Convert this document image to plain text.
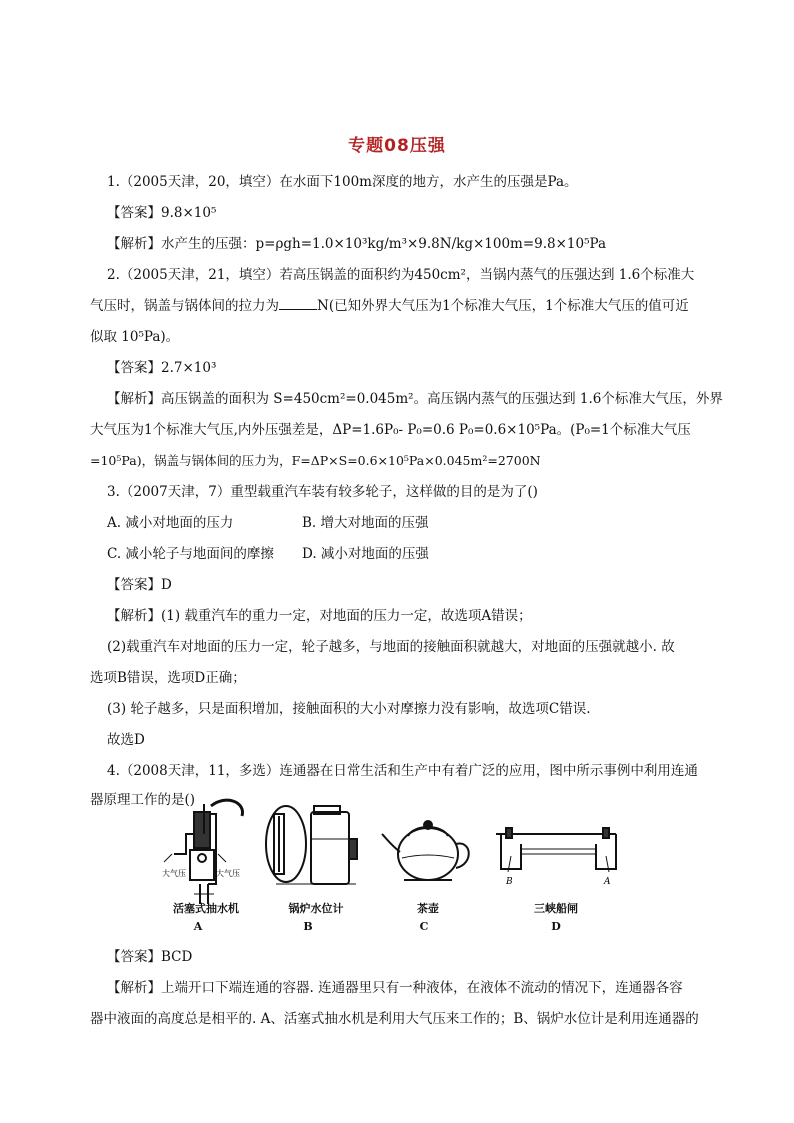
专题08压强
1.（2005天津，20，填空）在水面下100m深度的地方，水产生的压强是Pa。
【答案】9.8×10⁵
【解析】水产生的压强：p=ρgh=1.0×10³kg/m³×9.8N/kg×100m=9.8×10⁵Pa
2.（2005天津，21，填空）若高压锅盖的面积约为450cm²，当锅内蒸气的压强达到 1.6个标准大
气压时，锅盖与锅体间的拉力为	N(已知外界大气压为1个标准大气压，1个标准大气压的值可近
似取 10⁵Pa)。
【答案】2.7×10³
【解析】高压锅盖的面积为 S=450cm²=0.045m²。高压锅内蒸气的压强达到 1.6个标准大气压，外界
大气压为1个标准大气压,内外压强差是，ΔP=1.6P₀- P₀=0.6 P₀=0.6×10⁵Pa。(P₀=1个标准大气压
=10⁵Pa)，锅盖与锅体间的压力为，F=ΔP×S=0.6×10⁵Pa×0.045m²=2700N
3.（2007天津，7）重型载重汽车装有较多轮子，这样做的目的是为了()
A. 减小对地面的压力	B. 增大对地面的压强
C. 减小轮子与地面间的摩擦 D. 减小对地面的压强
【答案】D
【解析】(1) 载重汽车的重力一定，对地面的压力一定，故选项A错误；
(2)载重汽车对地面的压力一定，轮子越多，与地面的接触面积就越大，对地面的压强就越小. 故
选项B错误，选项D正确；
(3) 轮子越多，只是面积增加，接触面积的大小对摩擦力没有影响，故选项C错误.
故选D
4.（2008天津，11，多选）连通器在日常生活和生产中有着广泛的应用，图中所示事例中利用连通
器原理工作的是()
大气压	大气压
B	A
活塞式抽水机	锅炉水位计	茶壶	三峡船闸
A	B	C	D
【答案】BCD
【解析】上端开口下端连通的容器. 连通器里只有一种液体，在液体不流动的情况下，连通器各容
器中液面的高度总是相平的. A、活塞式抽水机是利用大气压来工作的；B、锅炉水位计是利用连通器的
